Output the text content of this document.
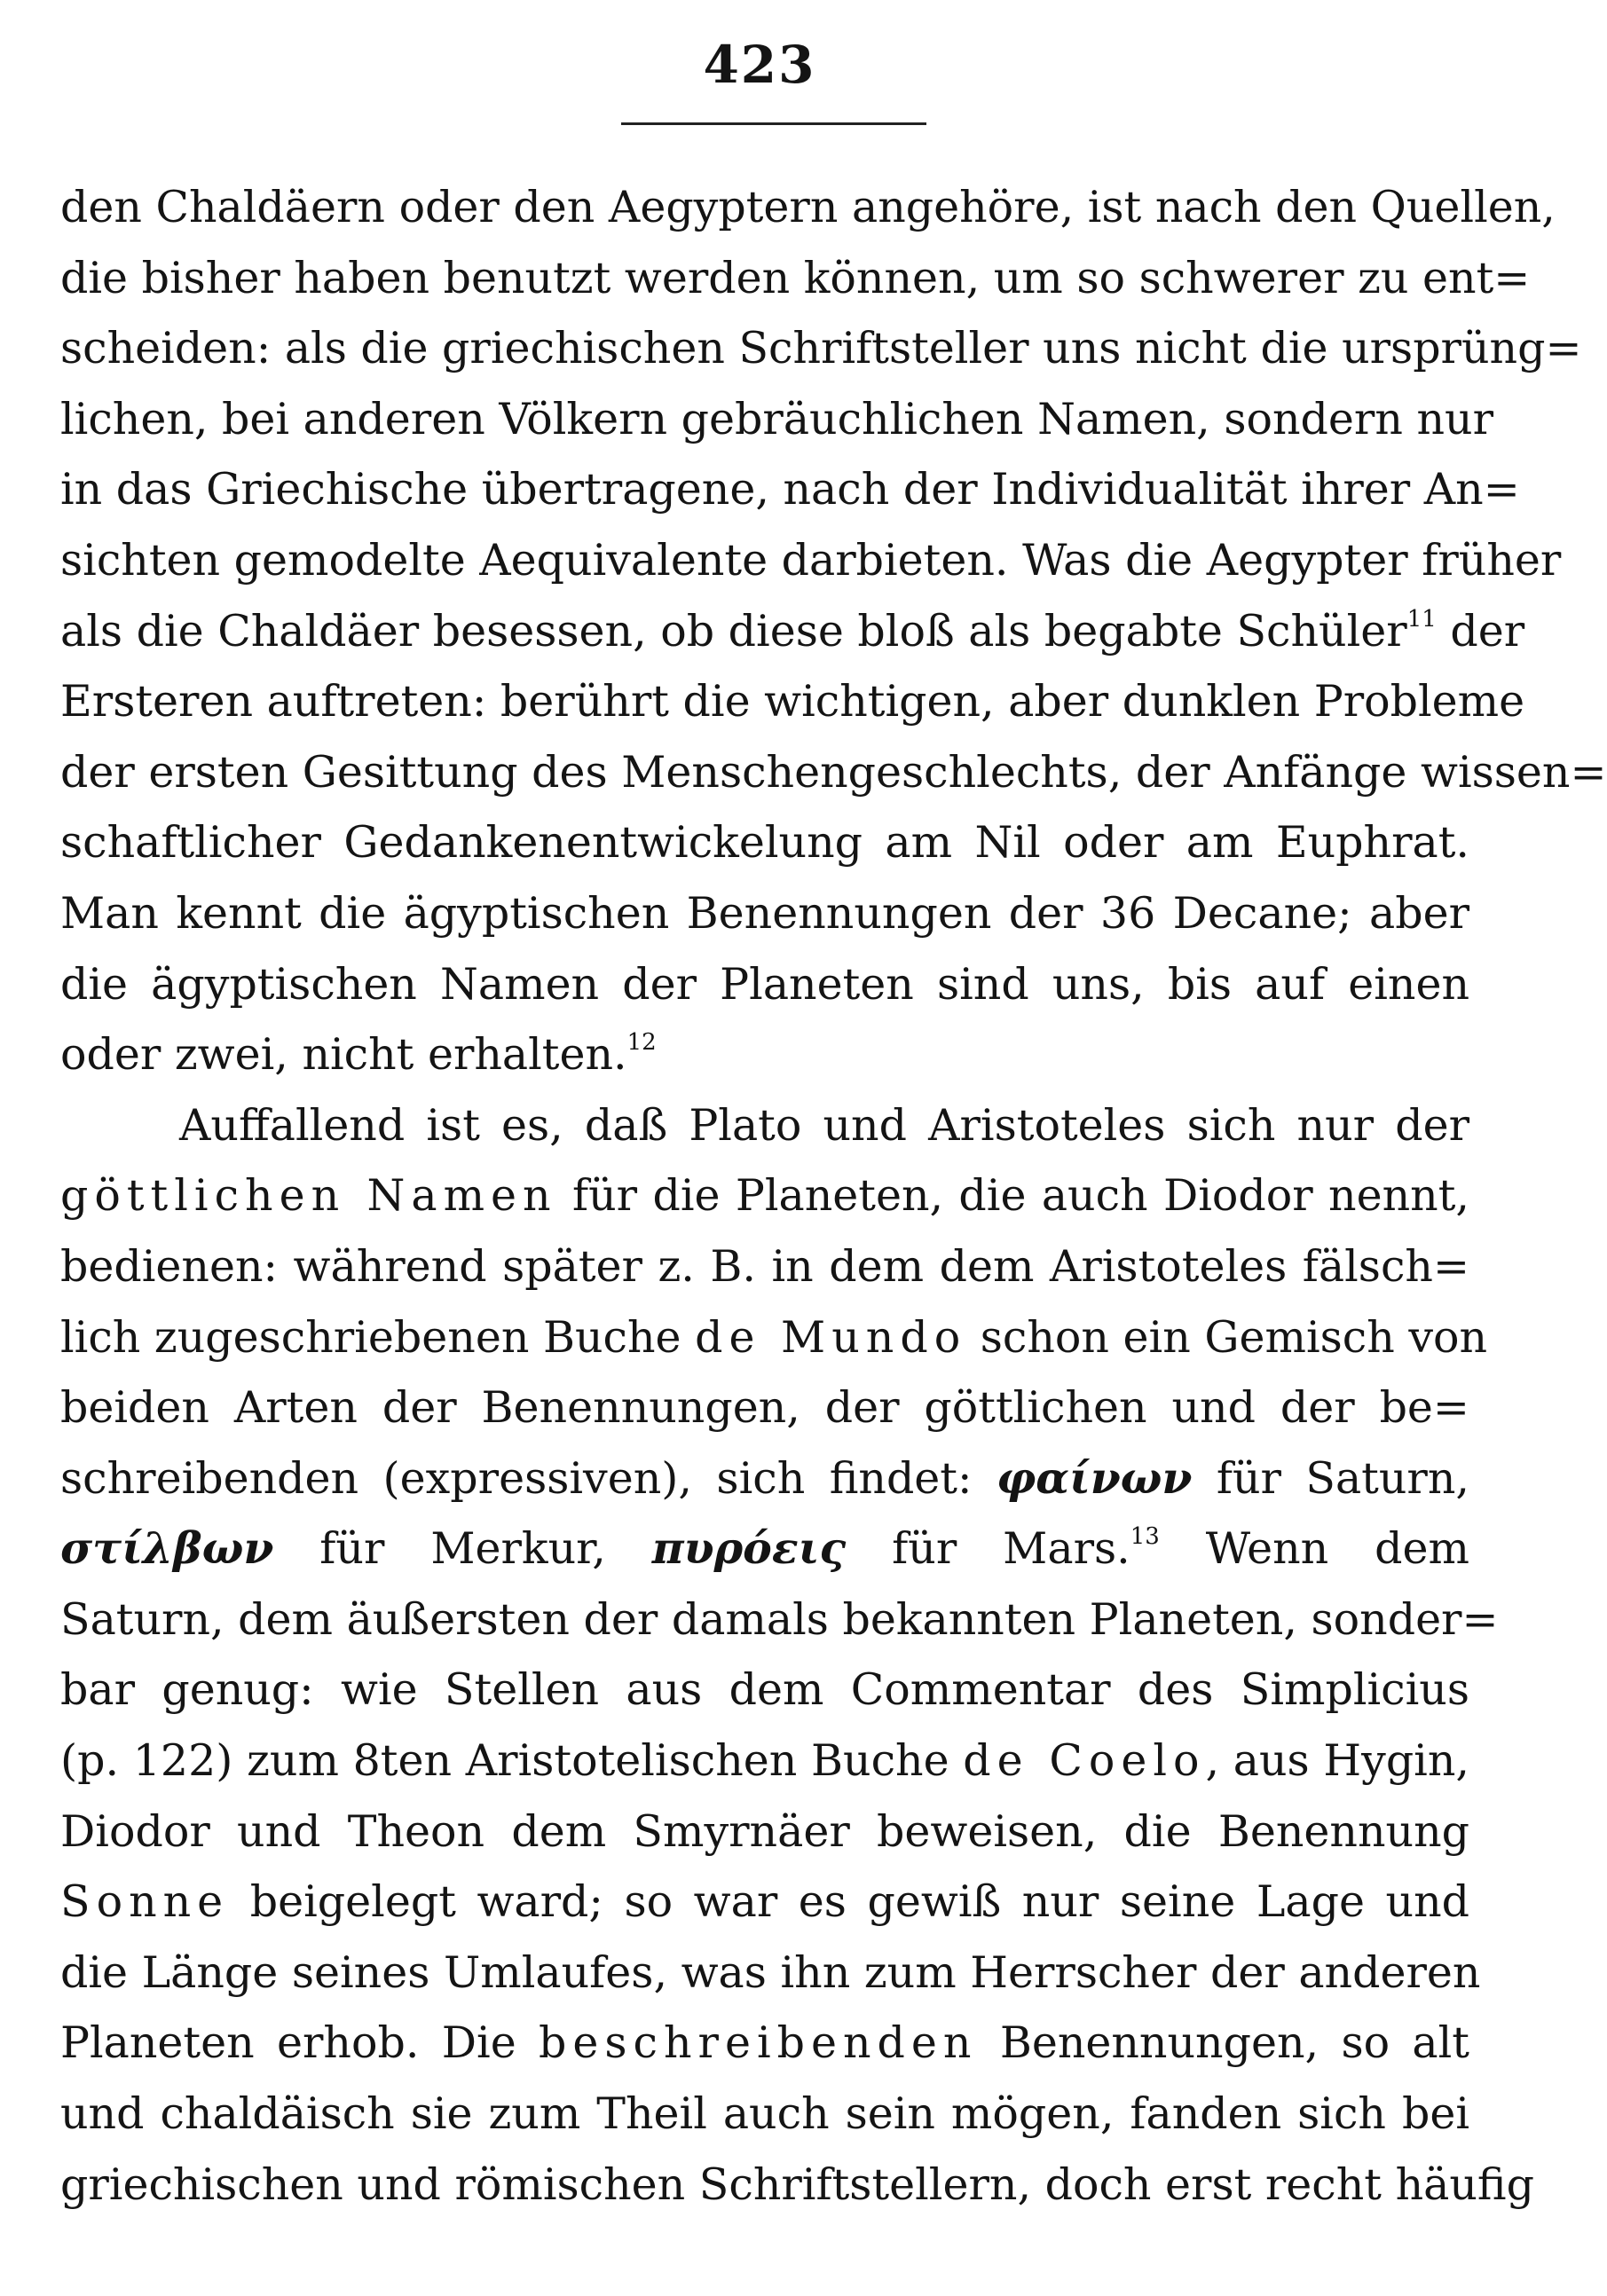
423
den Chaldäern oder den Aegyptern angehöre, ist nach den Quellen,
die bisher haben benutzt werden können, um so schwerer zu ent=
scheiden: als die griechischen Schriftsteller uns nicht die ursprüng=
lichen, bei anderen Völkern gebräuchlichen Namen, sondern nur
in das Griechische übertragene, nach der Individualität ihrer An=
sichten gemodelte Aequivalente darbieten. Was die Aegypter früher
als die Chaldäer besessen, ob diese bloß als begabte Schüler$^{11}$ der
Ersteren auftreten: berührt die wichtigen, aber dunklen Probleme
der ersten Gesittung des Menschengeschlechts, der Anfänge wissen=
schaftlicher Gedankenentwickelung am Nil oder am Euphrat.
Man kennt die ägyptischen Benennungen der 36 Decane; aber
die ägyptischen Namen der Planeten sind uns, bis auf einen
oder zwei, nicht erhalten.$^{12}$
Auffallend ist es, daß Plato und Aristoteles sich nur der
göttlichen Namen für die Planeten, die auch Diodor nennt,
bedienen: während später z. B. in dem dem Aristoteles fälsch=
lich zugeschriebenen Buche de Mundo schon ein Gemisch von
beiden Arten der Benennungen, der göttlichen und der be=
schreibenden (expressiven), sich findet: φαίνων für Saturn,
στίλβων für Merkur, πυρόεις für Mars.$^{13}$ Wenn dem
Saturn, dem äußersten der damals bekannten Planeten, sonder=
bar genug: wie Stellen aus dem Commentar des Simplicius
(p. 122) zum 8ten Aristotelischen Buche de Coelo, aus Hygin,
Diodor und Theon dem Smyrnäer beweisen, die Benennung
Sonne beigelegt ward; so war es gewiß nur seine Lage und
die Länge seines Umlaufes, was ihn zum Herrscher der anderen
Planeten erhob. Die beschreibenden Benennungen, so alt
und chaldäisch sie zum Theil auch sein mögen, fanden sich bei
griechischen und römischen Schriftstellern, doch erst recht häufig
